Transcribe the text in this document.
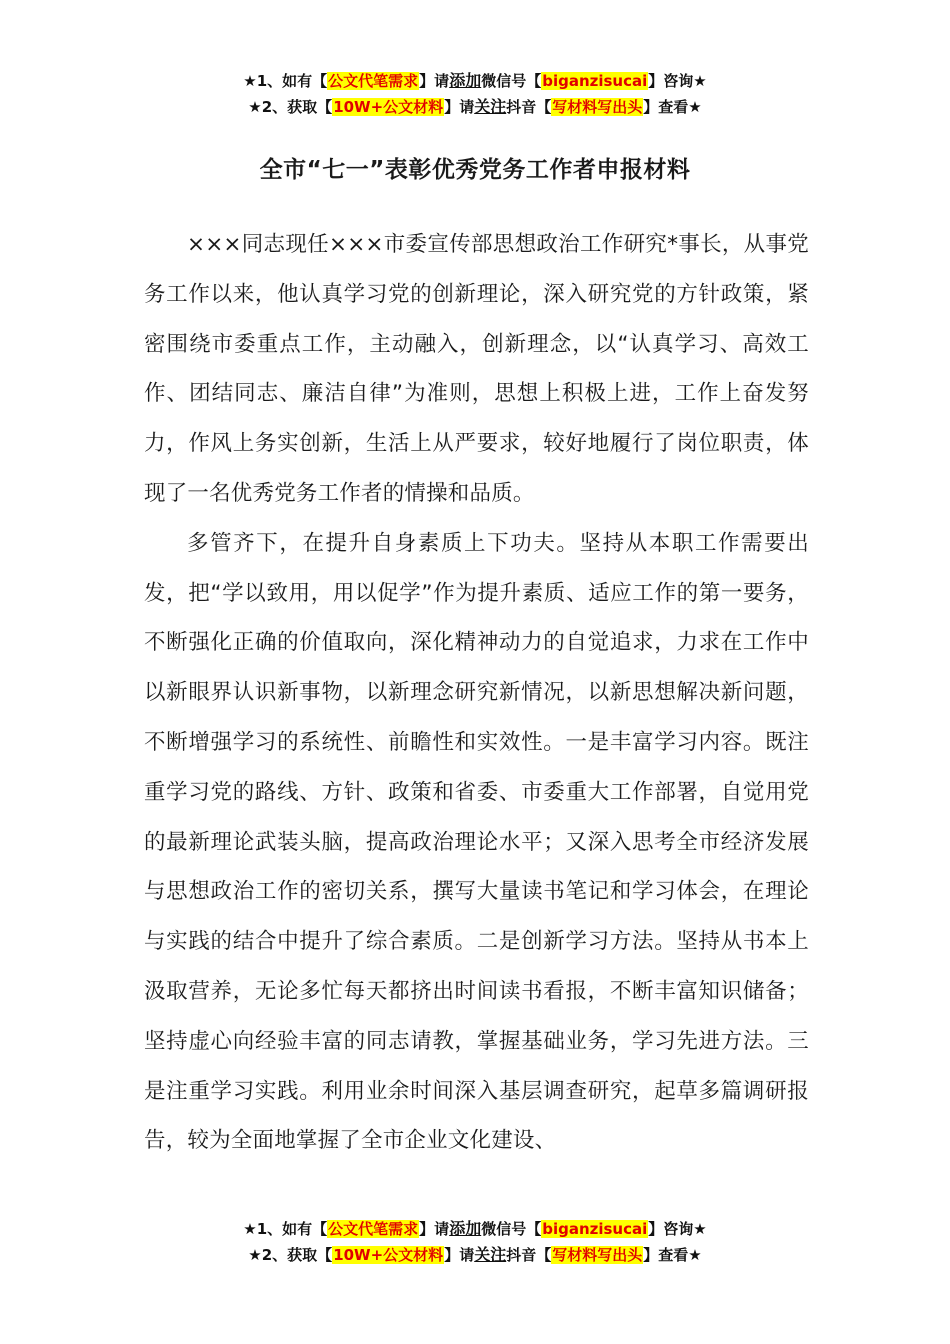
★1、如有【公文代笔需求】请添加微信号【biganzisucai】咨询★
★2、获取【10W+公文材料】请关注抖音【写材料写出头】查看★
全市“七一”表彰优秀党务工作者申报材料

×××同志现任×××市委宣传部思想政治工作研究*事长，从事党务工作以来，他认真学习党的创新理论，深入研究党的方针政策，紧密围绕市委重点工作，主动融入，创新理念，以“认真学习、高效工作、团结同志、廉洁自律”为准则，思想上积极上进，工作上奋发努力，作风上务实创新，生活上从严要求，较好地履行了岗位职责，体现了一名优秀党务工作者的情操和品质。

多管齐下，在提升自身素质上下功夫。坚持从本职工作需要出发，把“学以致用，用以促学”作为提升素质、适应工作的第一要务，不断强化正确的价值取向，深化精神动力的自觉追求，力求在工作中以新眼界认识新事物，以新理念研究新情况，以新思想解决新问题，不断增强学习的系统性、前瞻性和实效性。一是丰富学习内容。既注重学习党的路线、方针、政策和省委、市委重大工作部署，自觉用党的最新理论武装头脑，提高政治理论水平；又深入思考全市经济发展与思想政治工作的密切关系，撰写大量读书笔记和学习体会，在理论与实践的结合中提升了综合素质。二是创新学习方法。坚持从书本上汲取营养，无论多忙每天都挤出时间读书看报，不断丰富知识储备；坚持虚心向经验丰富的同志请教，掌握基础业务，学习先进方法。三是注重学习实践。利用业余时间深入基层调查研究，起草多篇调研报告，较为全面地掌握了全市企业文化建设、

★1、如有【公文代笔需求】请添加微信号【biganzisucai】咨询★
★2、获取【10W+公文材料】请关注抖音【写材料写出头】查看★
